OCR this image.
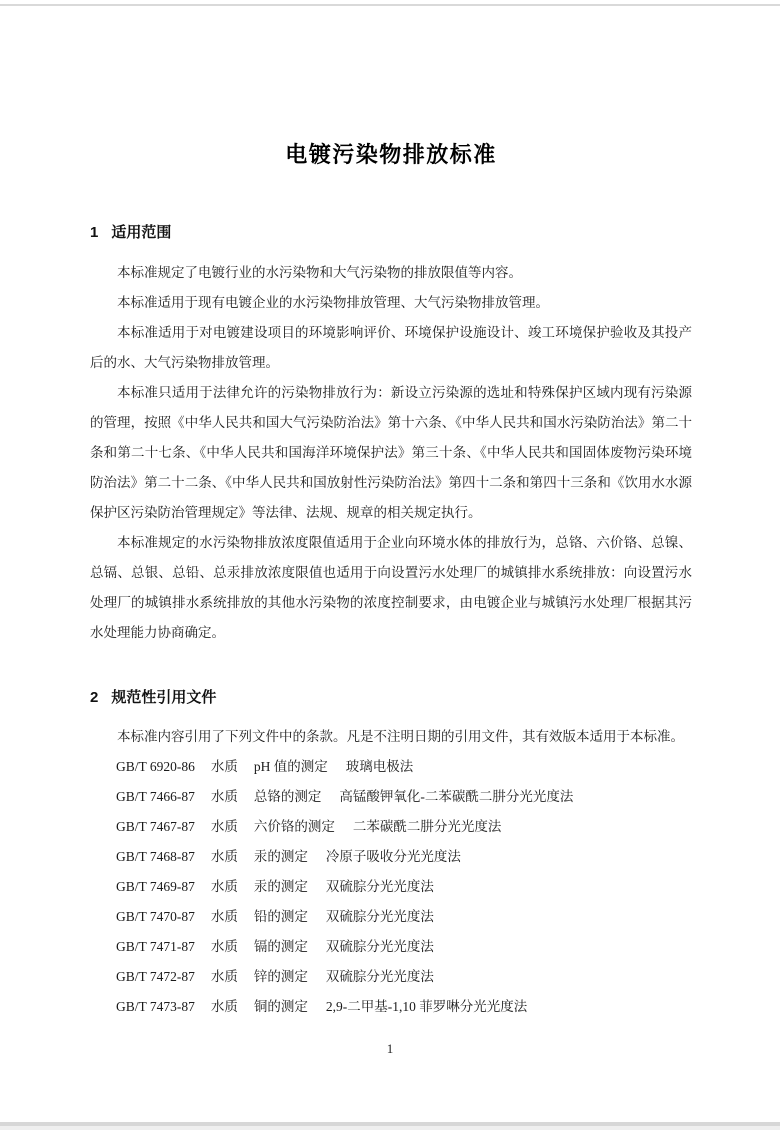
电镀污染物排放标准
1 适用范围

本标准规定了电镀行业的水污染物和大气污染物的排放限值等内容。

本标准适用于现有电镀企业的水污染物排放管理、大气污染物排放管理。

本标准适用于对电镀建设项目的环境影响评价、环境保护设施设计、竣工环境保护验收及其投产后的水、大气污染物排放管理。

本标准只适用于法律允许的污染物排放行为：新设立污染源的选址和特殊保护区域内现有污染源的管理，按照《中华人民共和国大气污染防治法》第十六条、《中华人民共和国水污染防治法》第二十条和第二十七条、《中华人民共和国海洋环境保护法》第三十条、《中华人民共和国固体废物污染环境防治法》第二十二条、《中华人民共和国放射性污染防治法》第四十二条和第四十三条和《饮用水水源保护区污染防治管理规定》等法律、法规、规章的相关规定执行。

本标准规定的水污染物排放浓度限值适用于企业向环境水体的排放行为，总铬、六价铬、总镍、总镉、总银、总铅、总汞排放浓度限值也适用于向设置污水处理厂的城镇排水系统排放：向设置污水处理厂的城镇排水系统排放的其他水污染物的浓度控制要求，由电镀企业与城镇污水处理厂根据其污水处理能力协商确定。

2 规范性引用文件

本标准内容引用了下列文件中的条款。凡是不注明日期的引用文件，其有效版本适用于本标准。

GB/T 6920-86 水质 pH 值的测定 玻璃电极法
GB/T 7466-87 水质 总铬的测定 高锰酸钾氧化-二苯碳酰二肼分光光度法
GB/T 7467-87 水质 六价铬的测定 二苯碳酰二肼分光光度法
GB/T 7468-87 水质 汞的测定 冷原子吸收分光光度法
GB/T 7469-87 水质 汞的测定 双硫腙分光光度法
GB/T 7470-87 水质 铅的测定 双硫腙分光光度法
GB/T 7471-87 水质 镉的测定 双硫腙分光光度法
GB/T 7472-87 水质 锌的测定 双硫腙分光光度法
GB/T 7473-87 水质 铜的测定 2,9-二甲基-1,10 菲罗啉分光光度法
1
